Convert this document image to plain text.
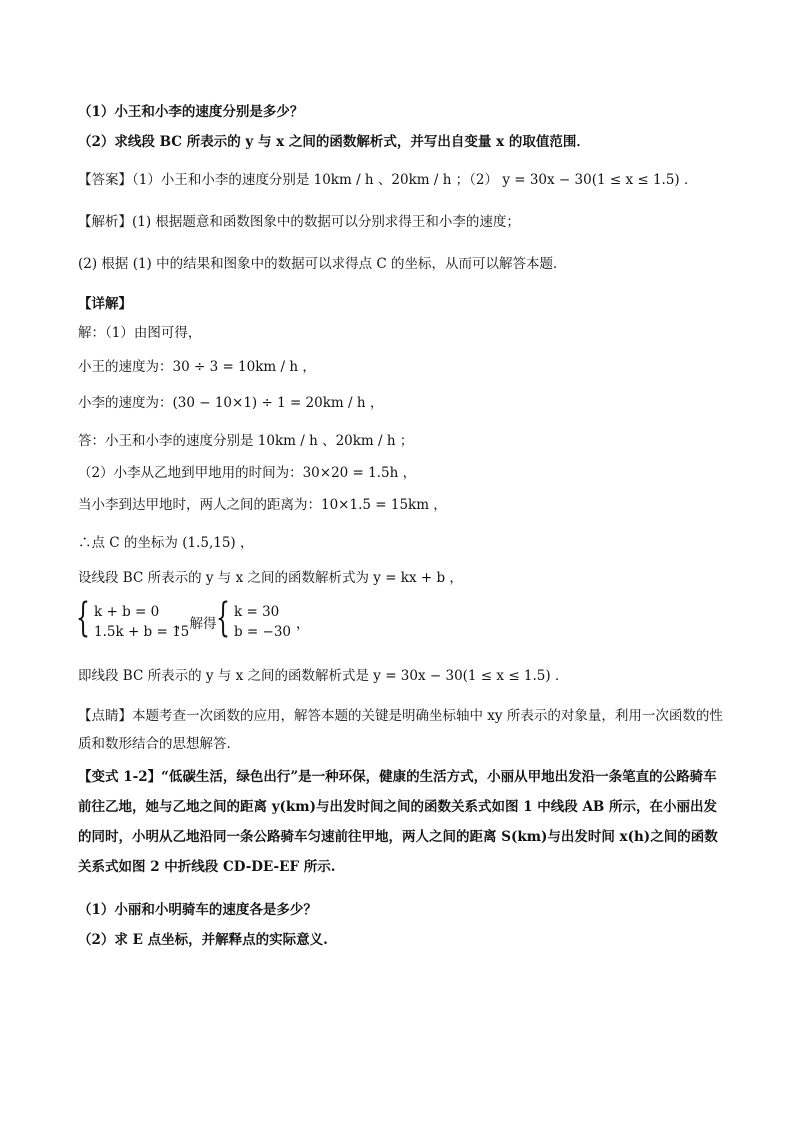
（1）小王和小李的速度分别是多少？
（2）求线段 BC 所表示的 y 与 x 之间的函数解析式，并写出自变量 x 的取值范围．
【答案】（1）小王和小李的速度分别是 10km / h 、20km / h ；（2） y = 30x − 30(1 ≤ x ≤ 1.5) ．
【解析】(1) 根据题意和函数图象中的数据可以分别求得王和小李的速度；
(2) 根据 (1) 中的结果和图象中的数据可以求得点 C 的坐标，从而可以解答本题．
【详解】
解：（1）由图可得，
小王的速度为：30 ÷ 3 = 10km / h ，
小李的速度为：(30 − 10×1) ÷ 1 = 20km / h ，
答：小王和小李的速度分别是 10km / h 、20km / h ；
（2）小李从乙地到甲地用的时间为：30×20 = 1.5h ，
当小李到达甲地时，两人之间的距离为：10×1.5 = 15km ，
∴点 C 的坐标为 (1.5,15) ，
设线段 BC 所表示的 y 与 x 之间的函数解析式为 y = kx + b ，
{ k + b = 0
1.5k + b = 15
，解得 { k = 30
b = −30 ，
即线段 BC 所表示的 y 与 x 之间的函数解析式是 y = 30x − 30(1 ≤ x ≤ 1.5) ．
【点睛】本题考查一次函数的应用，解答本题的关键是明确坐标轴中 xy 所表示的对象量，利用一次函数的性质和数形结合的思想解答．
【变式 1-2】“低碳生活，绿色出行”是一种环保，健康的生活方式，小丽从甲地出发沿一条笔直的公路骑车前往乙地，她与乙地之间的距离 y(km)与出发时间之间的函数关系式如图 1 中线段 AB 所示，在小丽出发的同时，小明从乙地沿同一条公路骑车匀速前往甲地，两人之间的距离 S(km)与出发时间 x(h)之间的函数关系式如图 2 中折线段 CD-DE-EF 所示.
（1）小丽和小明骑车的速度各是多少？
（2）求 E 点坐标，并解释点的实际意义.
